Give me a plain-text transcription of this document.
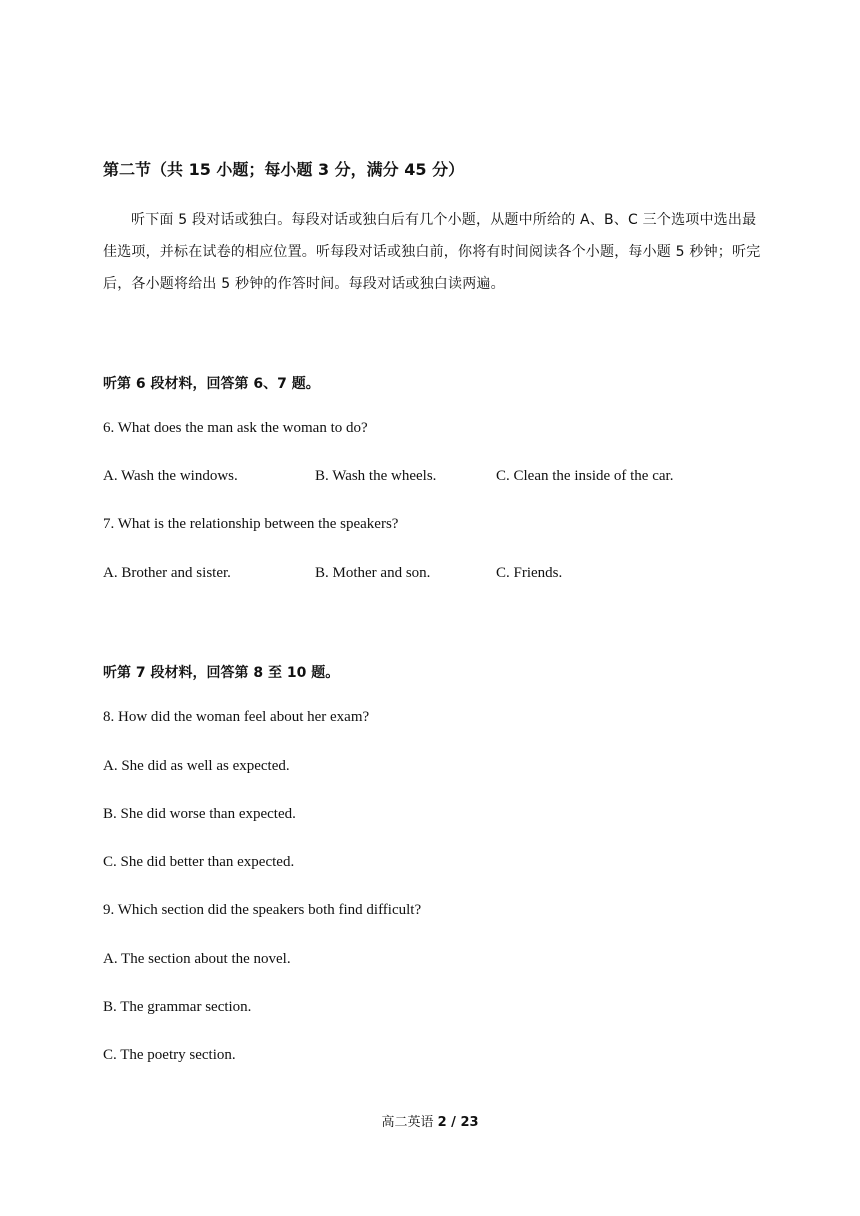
第二节（共 15 小题；每小题 3 分，满分 45 分）
听下面 5 段对话或独白。每段对话或独白后有几个小题，从题中所给的 A、B、C 三个选项中选出最佳选项，并标在试卷的相应位置。听每段对话或独白前，你将有时间阅读各个小题，每小题 5 秒钟；听完后，各小题将给出 5 秒钟的作答时间。每段对话或独白读两遍。
听第 6 段材料，回答第 6、7 题。
6. What does the man ask the woman to do?
A. Wash the windows.	B. Wash the wheels.	C. Clean the inside of the car.
7. What is the relationship between the speakers?
A. Brother and sister.	B. Mother and son.	C. Friends.
听第 7 段材料，回答第 8 至 10 题。
8. How did the woman feel about her exam?
A. She did as well as expected.
B. She did worse than expected.
C. She did better than expected.
9. Which section did the speakers both find difficult?
A. The section about the novel.
B. The grammar section.
C. The poetry section.
高二英语 2 / 23
